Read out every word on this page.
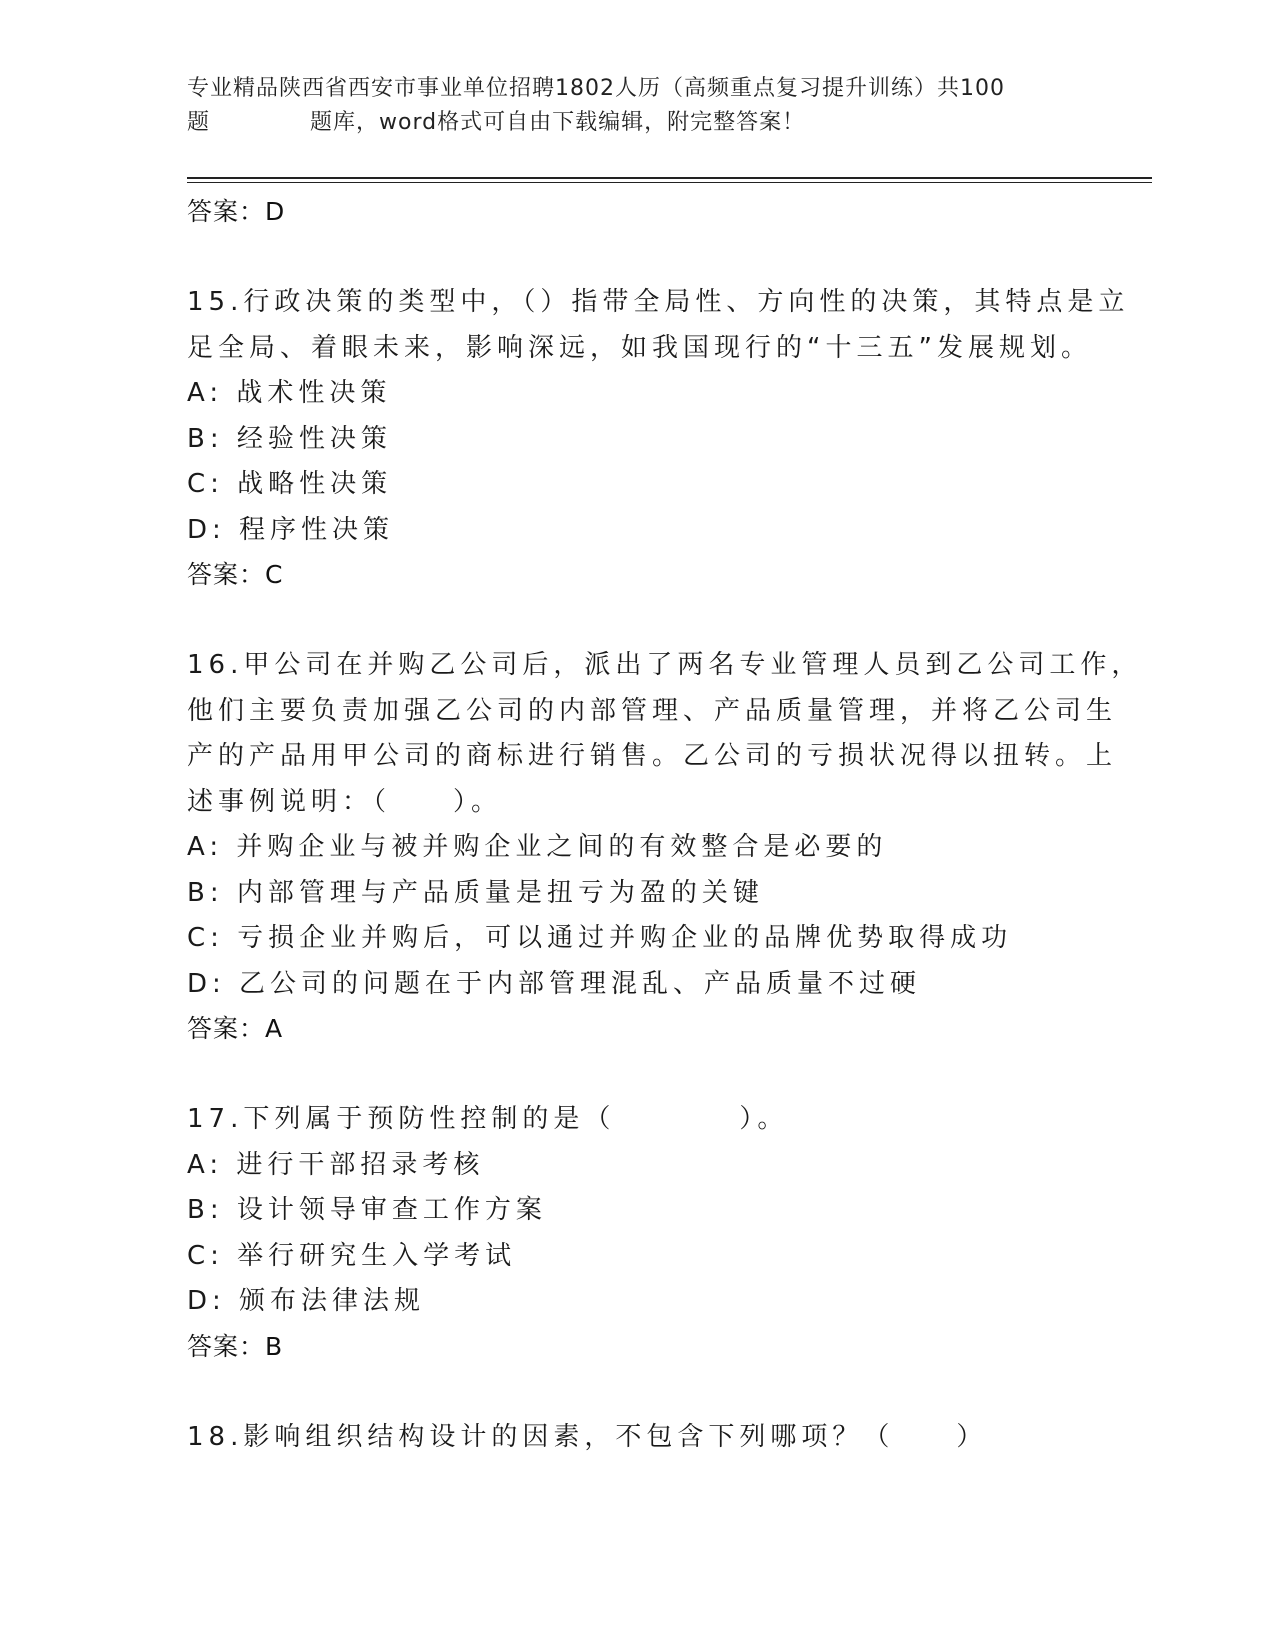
专业精品陕西省西安市事业单位招聘1802人历（高频重点复习提升训练）共100
题	题库，word格式可自由下载编辑，附完整答案！
答案：D
15.行政决策的类型中，（）指带全局性、方向性的决策，其特点是立
足全局、着眼未来，影响深远，如我国现行的“十三五”发展规划。
A: 战术性决策
B: 经验性决策
C: 战略性决策
D: 程序性决策
答案：C
16.甲公司在并购乙公司后，派出了两名专业管理人员到乙公司工作，
他们主要负责加强乙公司的内部管理、产品质量管理，并将乙公司生
产的产品用甲公司的商标进行销售。乙公司的亏损状况得以扭转。上
述事例说明：（　　）。
A: 并购企业与被并购企业之间的有效整合是必要的
B: 内部管理与产品质量是扭亏为盈的关键
C: 亏损企业并购后，可以通过并购企业的品牌优势取得成功
D: 乙公司的问题在于内部管理混乱、产品质量不过硬
答案：A
17.下列属于预防性控制的是（　　　　）。
A: 进行干部招录考核
B: 设计领导审查工作方案
C: 举行研究生入学考试
D: 颁布法律法规
答案：B
18.影响组织结构设计的因素，不包含下列哪项？（　　）
